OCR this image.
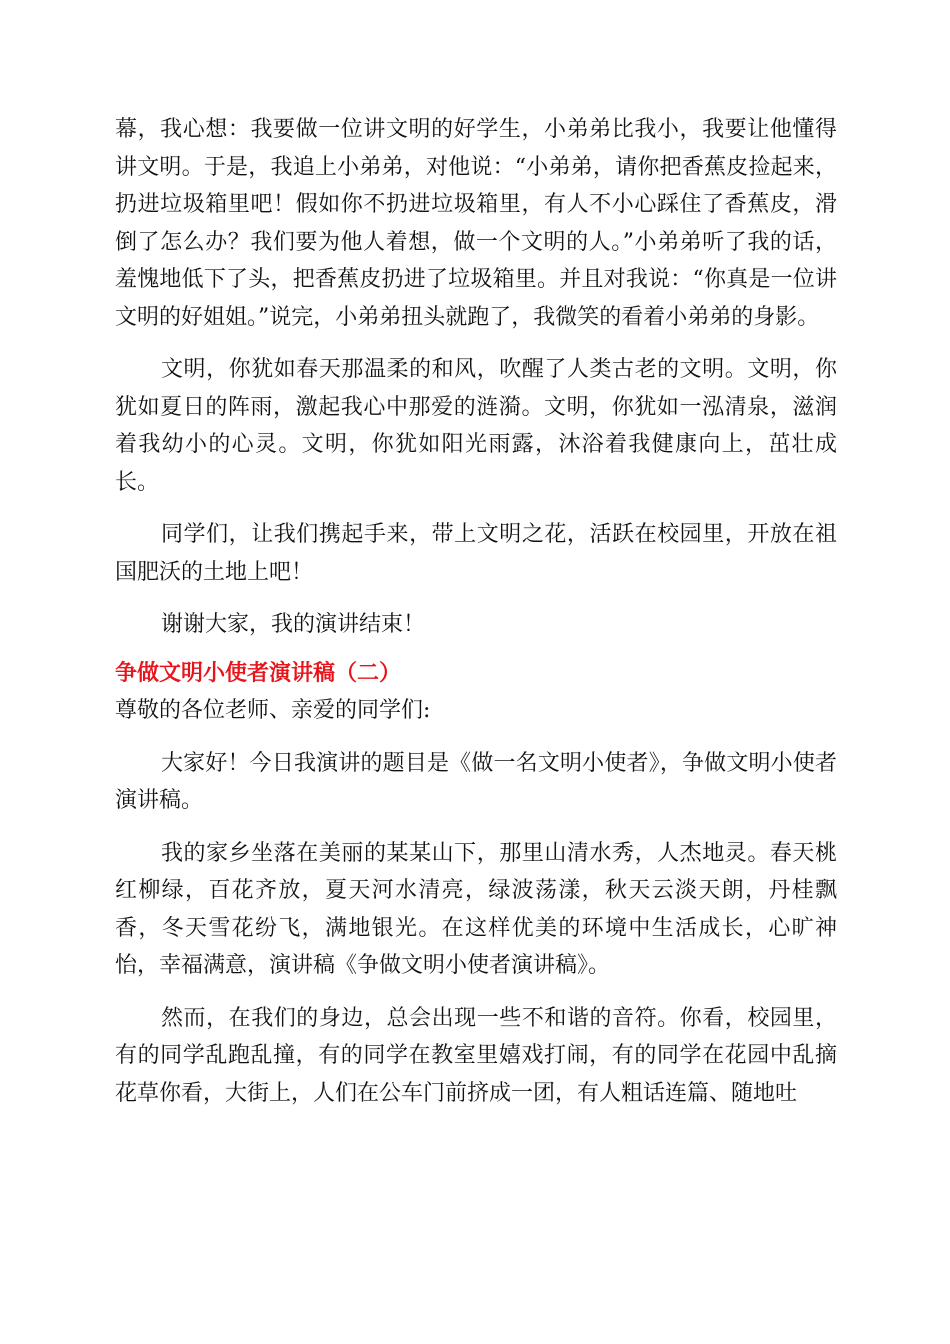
幕，我心想：我要做一位讲文明的好学生，小弟弟比我小，我要让他懂得讲文明。于是，我追上小弟弟，对他说：“小弟弟，请你把香蕉皮捡起来，扔进垃圾箱里吧！假如你不扔进垃圾箱里，有人不小心踩住了香蕉皮，滑倒了怎么办？我们要为他人着想，做一个文明的人。”小弟弟听了我的话，羞愧地低下了头，把香蕉皮扔进了垃圾箱里。并且对我说：“你真是一位讲文明的好姐姐。”说完，小弟弟扭头就跑了，我微笑的看着小弟弟的身影。

文明，你犹如春天那温柔的和风，吹醒了人类古老的文明。文明，你犹如夏日的阵雨，激起我心中那爱的涟漪。文明，你犹如一泓清泉，滋润着我幼小的心灵。文明，你犹如阳光雨露，沐浴着我健康向上，茁壮成长。

同学们，让我们携起手来，带上文明之花，活跃在校园里，开放在祖国肥沃的土地上吧！

谢谢大家，我的演讲结束！

争做文明小使者演讲稿（二）

尊敬的各位老师、亲爱的同学们:

大家好！今日我演讲的题目是《做一名文明小使者》，争做文明小使者演讲稿。

我的家乡坐落在美丽的某某山下，那里山清水秀，人杰地灵。春天桃红柳绿，百花齐放，夏天河水清亮，绿波荡漾，秋天云淡天朗，丹桂飘香，冬天雪花纷飞，满地银光。在这样优美的环境中生活成长，心旷神怡，幸福满意，演讲稿《争做文明小使者演讲稿》。

然而，在我们的身边，总会出现一些不和谐的音符。你看，校园里，有的同学乱跑乱撞，有的同学在教室里嬉戏打闹，有的同学在花园中乱摘花草你看，大街上，人们在公车门前挤成一团，有人粗话连篇、随地吐
